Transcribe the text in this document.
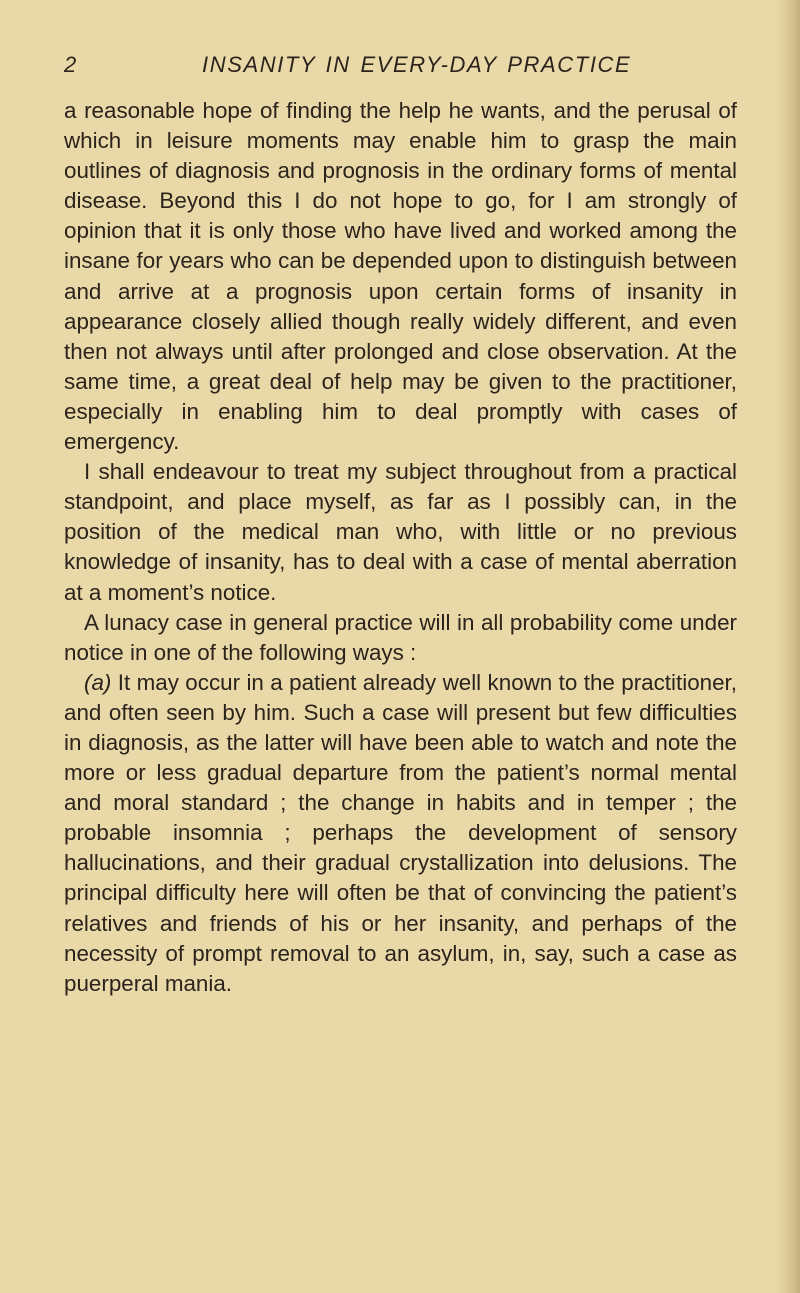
2	INSANITY IN EVERY-DAY PRACTICE

a reasonable hope of finding the help he wants, and the perusal of which in leisure moments may enable him to grasp the main outlines of diagnosis and prognosis in the ordinary forms of mental disease. Beyond this I do not hope to go, for I am strongly of opinion that it is only those who have lived and worked among the insane for years who can be depended upon to distinguish between and arrive at a prognosis upon certain forms of insanity in appearance closely allied though really widely different, and even then not always until after prolonged and close observation. At the same time, a great deal of help may be given to the practitioner, especially in enabling him to deal promptly with cases of emergency.

I shall endeavour to treat my subject throughout from a practical standpoint, and place myself, as far as I possibly can, in the position of the medical man who, with little or no previous knowledge of insanity, has to deal with a case of mental aberration at a moment’s notice.

A lunacy case in general practice will in all probability come under notice in one of the following ways :

(a) It may occur in a patient already well known to the practitioner, and often seen by him. Such a case will present but few difficulties in diagnosis, as the latter will have been able to watch and note the more or less gradual departure from the patient’s normal mental and moral standard ; the change in habits and in temper ; the probable insomnia ; perhaps the development of sensory hallucinations, and their gradual crystallization into delusions. The principal difficulty here will often be that of convincing the patient’s relatives and friends of his or her insanity, and perhaps of the necessity of prompt removal to an asylum, in, say, such a case as puerperal mania.
